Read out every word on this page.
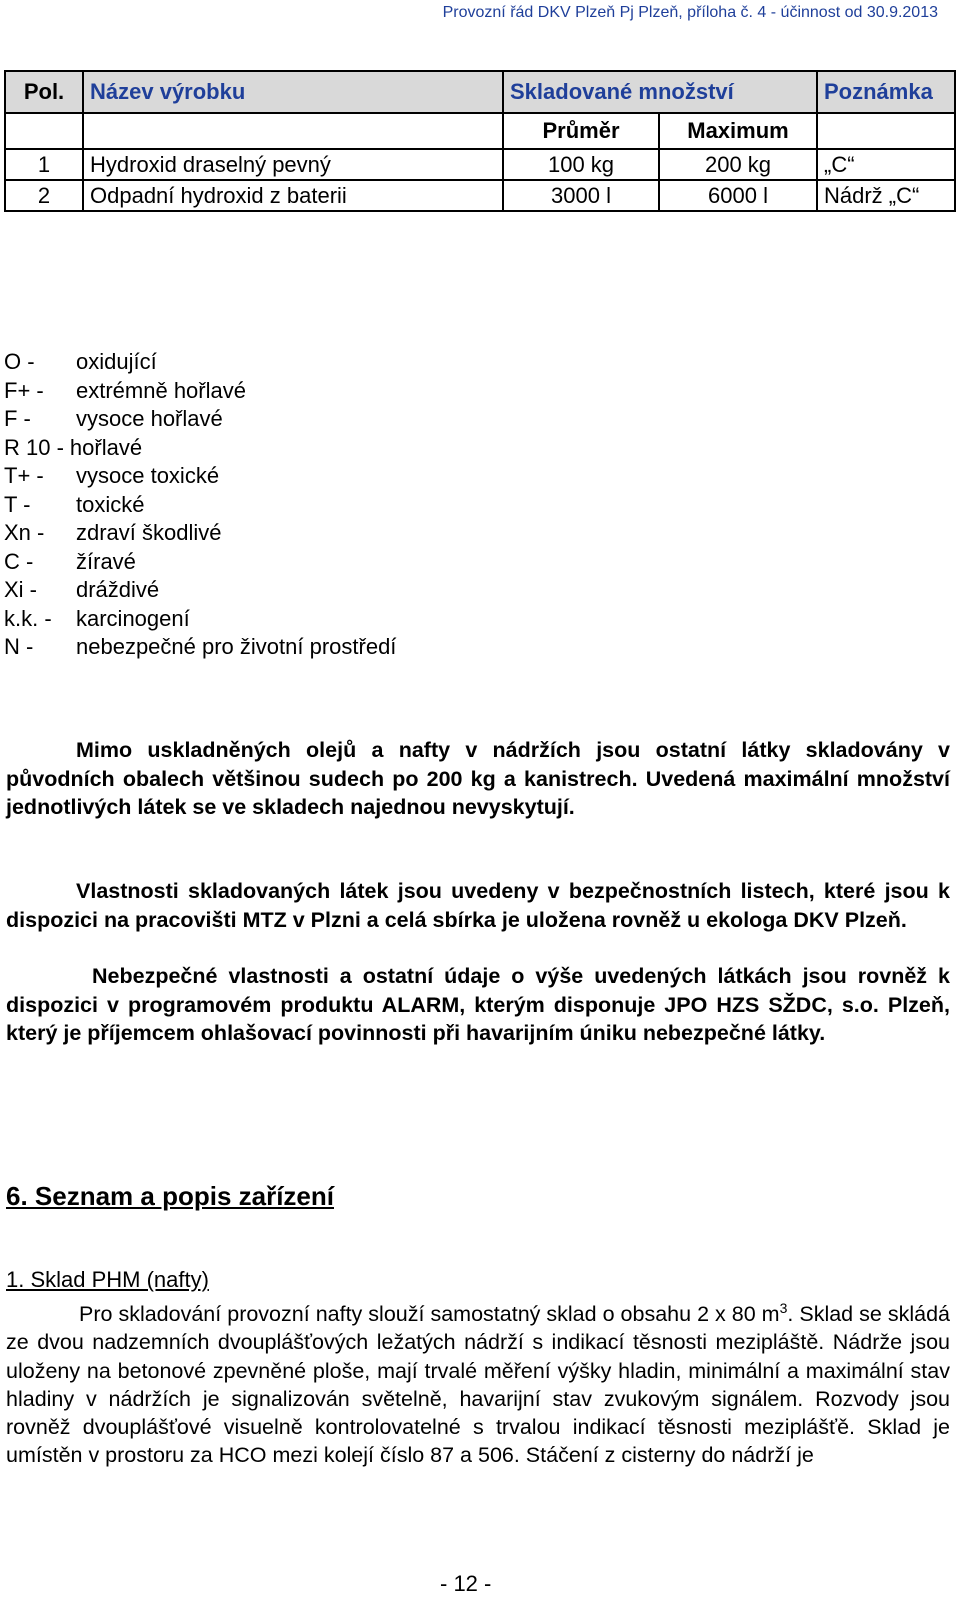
Provozní řád DKV Plzeň Pj Plzeň, příloha č. 4 - účinnost od 30.9.2013
Pol.	Název výrobku	Skladované množství		Poznámka
		Průměr	Maximum	
1	Hydroxid draselný pevný	100 kg	200 kg	„C“
2	Odpadní hydroxid z baterii	3000 l	6000 l	Nádrž „C“
O -	oxidující
F+ -	extrémně hořlavé
F -	vysoce hořlavé
R 10 - hořlavé
T+ -	vysoce toxické
T -	toxické
Xn -	zdraví škodlivé
C -	žíravé
Xi -	dráždivé
k.k. -	karcinogení
N -	nebezpečné pro životní prostředí
Mimo uskladněných olejů a nafty v nádržích jsou ostatní látky skladovány v původních obalech většinou sudech po 200 kg a kanistrech. Uvedená maximální množství jednotlivých látek se ve skladech najednou nevyskytují.
Vlastnosti skladovaných látek jsou uvedeny v bezpečnostních listech, které jsou k dispozici na pracovišti MTZ v Plzni a celá sbírka je uložena rovněž u ekologa DKV Plzeň.
Nebezpečné vlastnosti a ostatní údaje o výše uvedených látkách jsou rovněž k dispozici v programovém produktu ALARM, kterým disponuje JPO HZS SŽDC, s.o. Plzeň, který je příjemcem ohlašovací povinnosti při havarijním úniku nebezpečné látky.
6. Seznam a popis zařízení
1. Sklad PHM (nafty)
Pro skladování provozní nafty slouží samostatný sklad o obsahu 2 x 80 $m^3$. Sklad se skládá ze dvou nadzemních dvouplášťových ležatých nádrží s indikací těsnosti mezipláště. Nádrže jsou uloženy na betonové zpevněné ploše, mají trvalé měření výšky hladin, minimální a maximální stav hladiny v nádržích je signalizován světelně, havarijní stav zvukovým signálem. Rozvody jsou rovněž dvouplášťové visuelně kontrolovatelné s trvalou indikací těsnosti meziplášťě. Sklad je umístěn v prostoru za HCO mezi kolejí číslo 87 a 506. Stáčení z cisterny do nádrží je
- 12 -
